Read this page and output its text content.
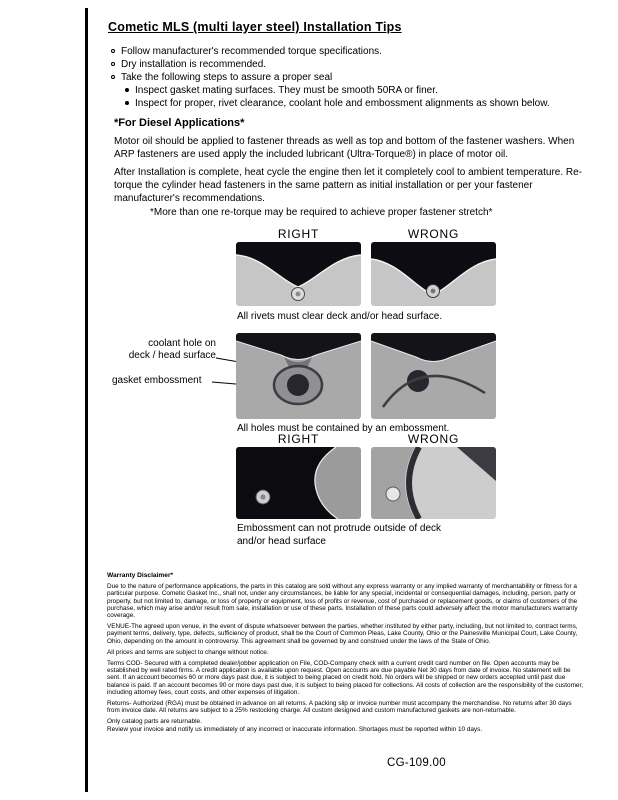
Cometic MLS (multi layer steel) Installation Tips
Follow manufacturer's recommended torque specifications.
Dry installation is recommended.
Take the following steps to assure a proper seal
Inspect gasket mating surfaces. They must be smooth 50RA or finer.
Inspect for proper, rivet clearance, coolant hole and embossment alignments as shown below.
*For Diesel Applications*

Motor oil should be applied to fastener threads as well as top and bottom of the fastener washers. When ARP fasteners are used apply the included lubricant (Ultra-Torque®) in place of motor oil.

After Installation is complete, heat cycle the engine then let it completely cool to ambient temperature. Re-torque the cylinder head fasteners in the same pattern as initial installation or per your fastener manufacturer's recommendations.

*More than one re-torque may be required to achieve proper fastener stretch*

RIGHT	WRONG
All rivets must clear deck and/or head surface.
coolant hole on
deck / head surface
gasket embossment
All holes must be contained by an embossment.
RIGHT	WRONG
Embossment can not protrude outside of deck
and/or head surface
Warranty Disclaimer*

Due to the nature of performance applications, the parts in this catalog are sold without any express warranty or any implied warranty of merchantability or fitness for a particular purpose. Cometic Gasket Inc., shall not, under any circumstances, be liable for any special, incidental or consequential damages, including, person, party or property, but not limited to, damage, or loss of property or equipment, loss of profits or revenue, cost of purchased or replacement goods, or claims of customers of the purchase, which may arise and/or result from sale, installation or use of these parts. Installation of these parts could adversely affect the motor manufacturers warranty coverage.

VENUE-The agreed upon venue, in the event of dispute whatsoever between the parties, whether instituted by either party, including, but not limited to, contract terms, payment terms, delivery, type, defects, sufficiency of product, shall be the Court of Common Pleas, Lake County, Ohio or the Painesville Municipal Court, Lake County, Ohio, depending on the amount in controversy. This agreement shall be governed by and construed under the laws of the State of Ohio.

All prices and terms are subject to change without notice.

Terms COD- Secured with a completed dealer/jobber application on File, COD-Company check with a current credit card number on file. Open accounts may be established by well rated firms. A credit application is available upon request. Open accounts are due payable Net 30 days from date of invoice. No statement will be sent. If an account becomes 60 or more days past due, it is subject to being placed on credit hold. No orders will be shipped or new orders accepted until past due balance is paid. If an account becomes 90 or more days past due, it is subject to being placed for collections. All costs of collection are the responsibility of the customer, including attorney fees, court costs, and other expenses of litigation.

Returns- Authorized (RGA) must be obtained in advance on all returns. A packing slip or invoice number must accompany the merchandise. No returns after 30 days from invoice date. All returns are subject to a 25% restocking charge. All custom designed and custom manufactured gaskets are non-returnable.

Only catalog parts are returnable.

Review your invoice and notify us immediately of any incorrect or inaccurate information. Shortages must be reported within 10 days.

CG-109.00
